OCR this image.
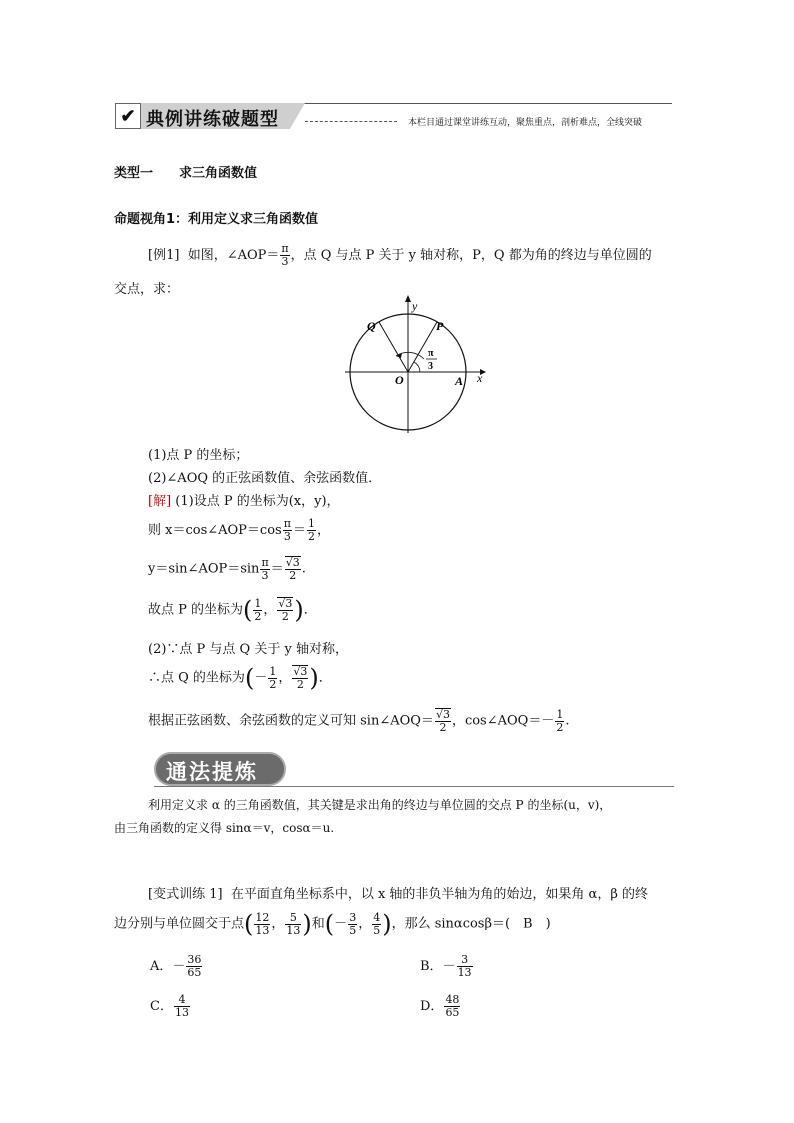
✔ 典例讲练破题型	本栏目通过课堂讲练互动，聚焦重点，剖析难点，全线突破
类型一　　求三角函数值
命题视角1：利用定义求三角函数值
[例1] 如图，∠AOP＝ $\frac{\pi}{3}$ ，点 Q 与点 P 关于 y 轴对称，P，Q 都为角的终边与单位圆的
交点，求：
y
x
O	A
P
Q
π
3
(1)点 P 的坐标；
(2)∠AOQ 的正弦函数值、余弦函数值．
[解] (1)设点 P 的坐标为(x，y)，
则 x＝cos∠AOP＝cos $\frac{\pi}{3} = \frac{1}{2}$ ，
y＝sin∠AOP＝sin $\frac{\pi}{3} = \frac{√3}{2}$ .
故点 P 的坐标为( $\frac{1}{2}$ ， $\frac{√3}{2}$ )．
(2)∵点 P 与点 Q 关于 y 轴对称，
∴点 Q 的坐标为(－ $\frac{1}{2}$ ， $\frac{√3}{2}$ )．
根据正弦函数、余弦函数的定义可知 sin∠AOQ＝ $\frac{√3}{2}$ ，cos∠AOQ＝－ $\frac{1}{2}$ .
通法提炼
利用定义求 α 的三角函数值，其关键是求出角的终边与单位圆的交点 P 的坐标(u，v)，
由三角函数的定义得 sinα＝v，cosα＝u.
[变式训练 1] 在平面直角坐标系中，以 x 轴的非负半轴为角的始边，如果角 α，β 的终
边分别与单位圆交于点( $\frac{12}{13}$ ， $\frac{5}{13}$ )和(－ $\frac{3}{5}$ ， $\frac{4}{5}$ )，那么 sinαcosβ＝(　B　)
A．－ $\frac{36}{65}$	B．－ $\frac{3}{13}$
C． $\frac{4}{13}$	D． $\frac{48}{65}$
